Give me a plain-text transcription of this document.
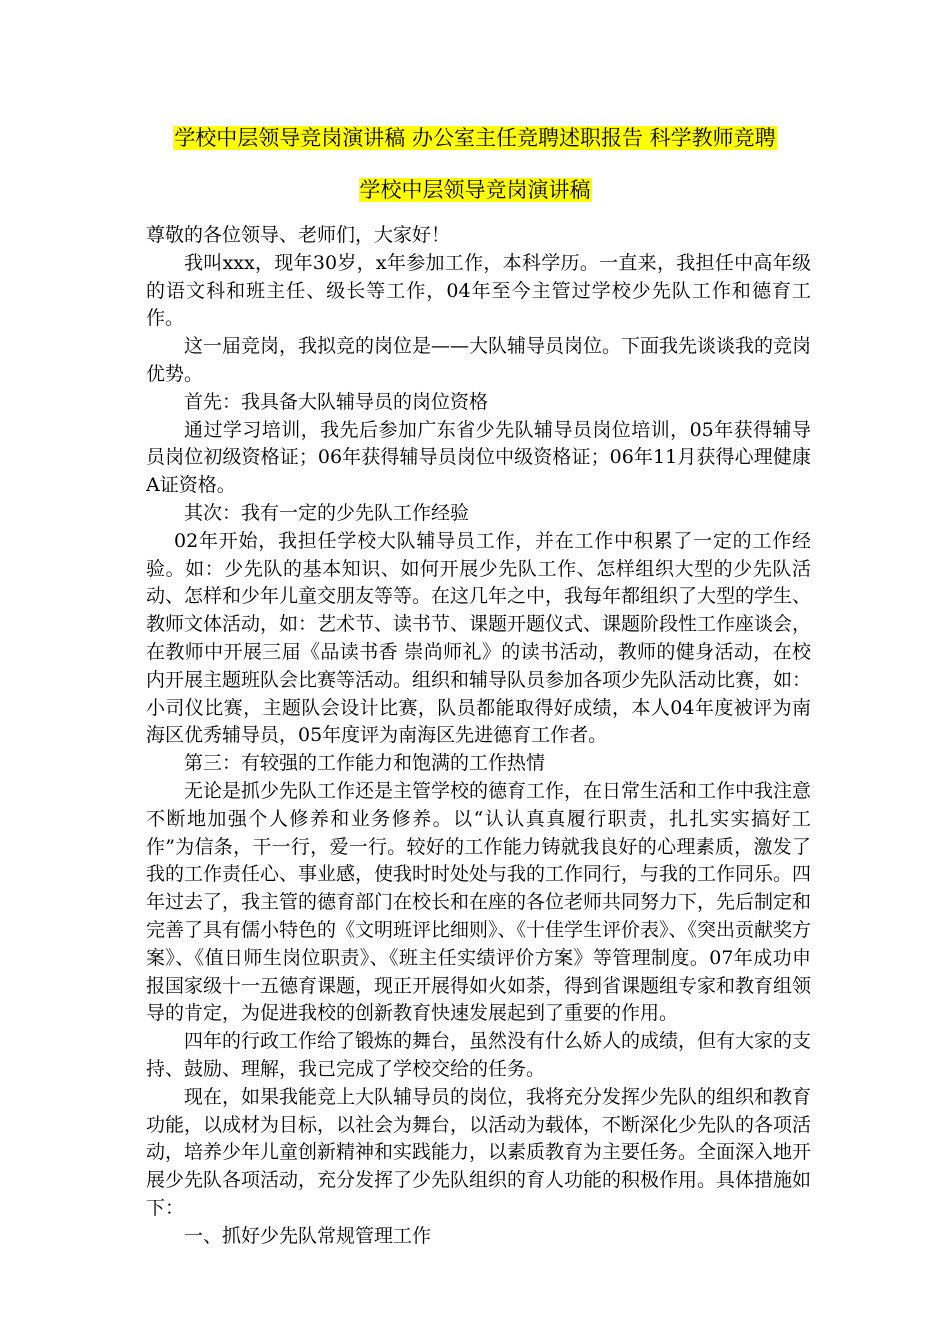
学校中层领导竞岗演讲稿 办公室主任竞聘述职报告 科学教师竞聘
学校中层领导竞岗演讲稿

尊敬的各位领导、老师们，大家好！

我叫xxx，现年30岁，x年参加工作，本科学历。一直来，我担任中高年级的语文科和班主任、级长等工作，04年至今主管过学校少先队工作和德育工作。

这一届竞岗，我拟竞的岗位是——大队辅导员岗位。下面我先谈谈我的竞岗优势。

首先：我具备大队辅导员的岗位资格

通过学习培训，我先后参加广东省少先队辅导员岗位培训，05年获得辅导员岗位初级资格证；06年获得辅导员岗位中级资格证；06年11月获得心理健康A证资格。

其次：我有一定的少先队工作经验

02年开始，我担任学校大队辅导员工作，并在工作中积累了一定的工作经验。如：少先队的基本知识、如何开展少先队工作、怎样组织大型的少先队活动、怎样和少年儿童交朋友等等。在这几年之中，我每年都组织了大型的学生、教师文体活动，如：艺术节、读书节、课题开题仪式、课题阶段性工作座谈会，在教师中开展三届《品读书香 崇尚师礼》的读书活动，教师的健身活动，在校内开展主题班队会比赛等活动。组织和辅导队员参加各项少先队活动比赛，如：小司仪比赛，主题队会设计比赛，队员都能取得好成绩，本人04年度被评为南海区优秀辅导员，05年度评为南海区先进德育工作者。

第三：有较强的工作能力和饱满的工作热情

无论是抓少先队工作还是主管学校的德育工作，在日常生活和工作中我注意不断地加强个人修养和业务修养。以“认认真真履行职责，扎扎实实搞好工作”为信条，干一行，爱一行。较好的工作能力铸就我良好的心理素质，激发了我的工作责任心、事业感，使我时时处处与我的工作同行，与我的工作同乐。四年过去了，我主管的德育部门在校长和在座的各位老师共同努力下，先后制定和完善了具有儒小特色的《文明班评比细则》、《十佳学生评价表》、《突出贡献奖方案》、《值日师生岗位职责》、《班主任实绩评价方案》等管理制度。07年成功申报国家级十一五德育课题，现正开展得如火如荼，得到省课题组专家和教育组领导的肯定，为促进我校的创新教育快速发展起到了重要的作用。

四年的行政工作给了锻炼的舞台，虽然没有什么娇人的成绩，但有大家的支持、鼓励、理解，我已完成了学校交给的任务。

现在，如果我能竞上大队辅导员的岗位，我将充分发挥少先队的组织和教育功能，以成材为目标，以社会为舞台，以活动为载体，不断深化少先队的各项活动，培养少年儿童创新精神和实践能力，以素质教育为主要任务。全面深入地开展少先队各项活动，充分发挥了少先队组织的育人功能的积极作用。具体措施如下：

一、抓好少先队常规管理工作
